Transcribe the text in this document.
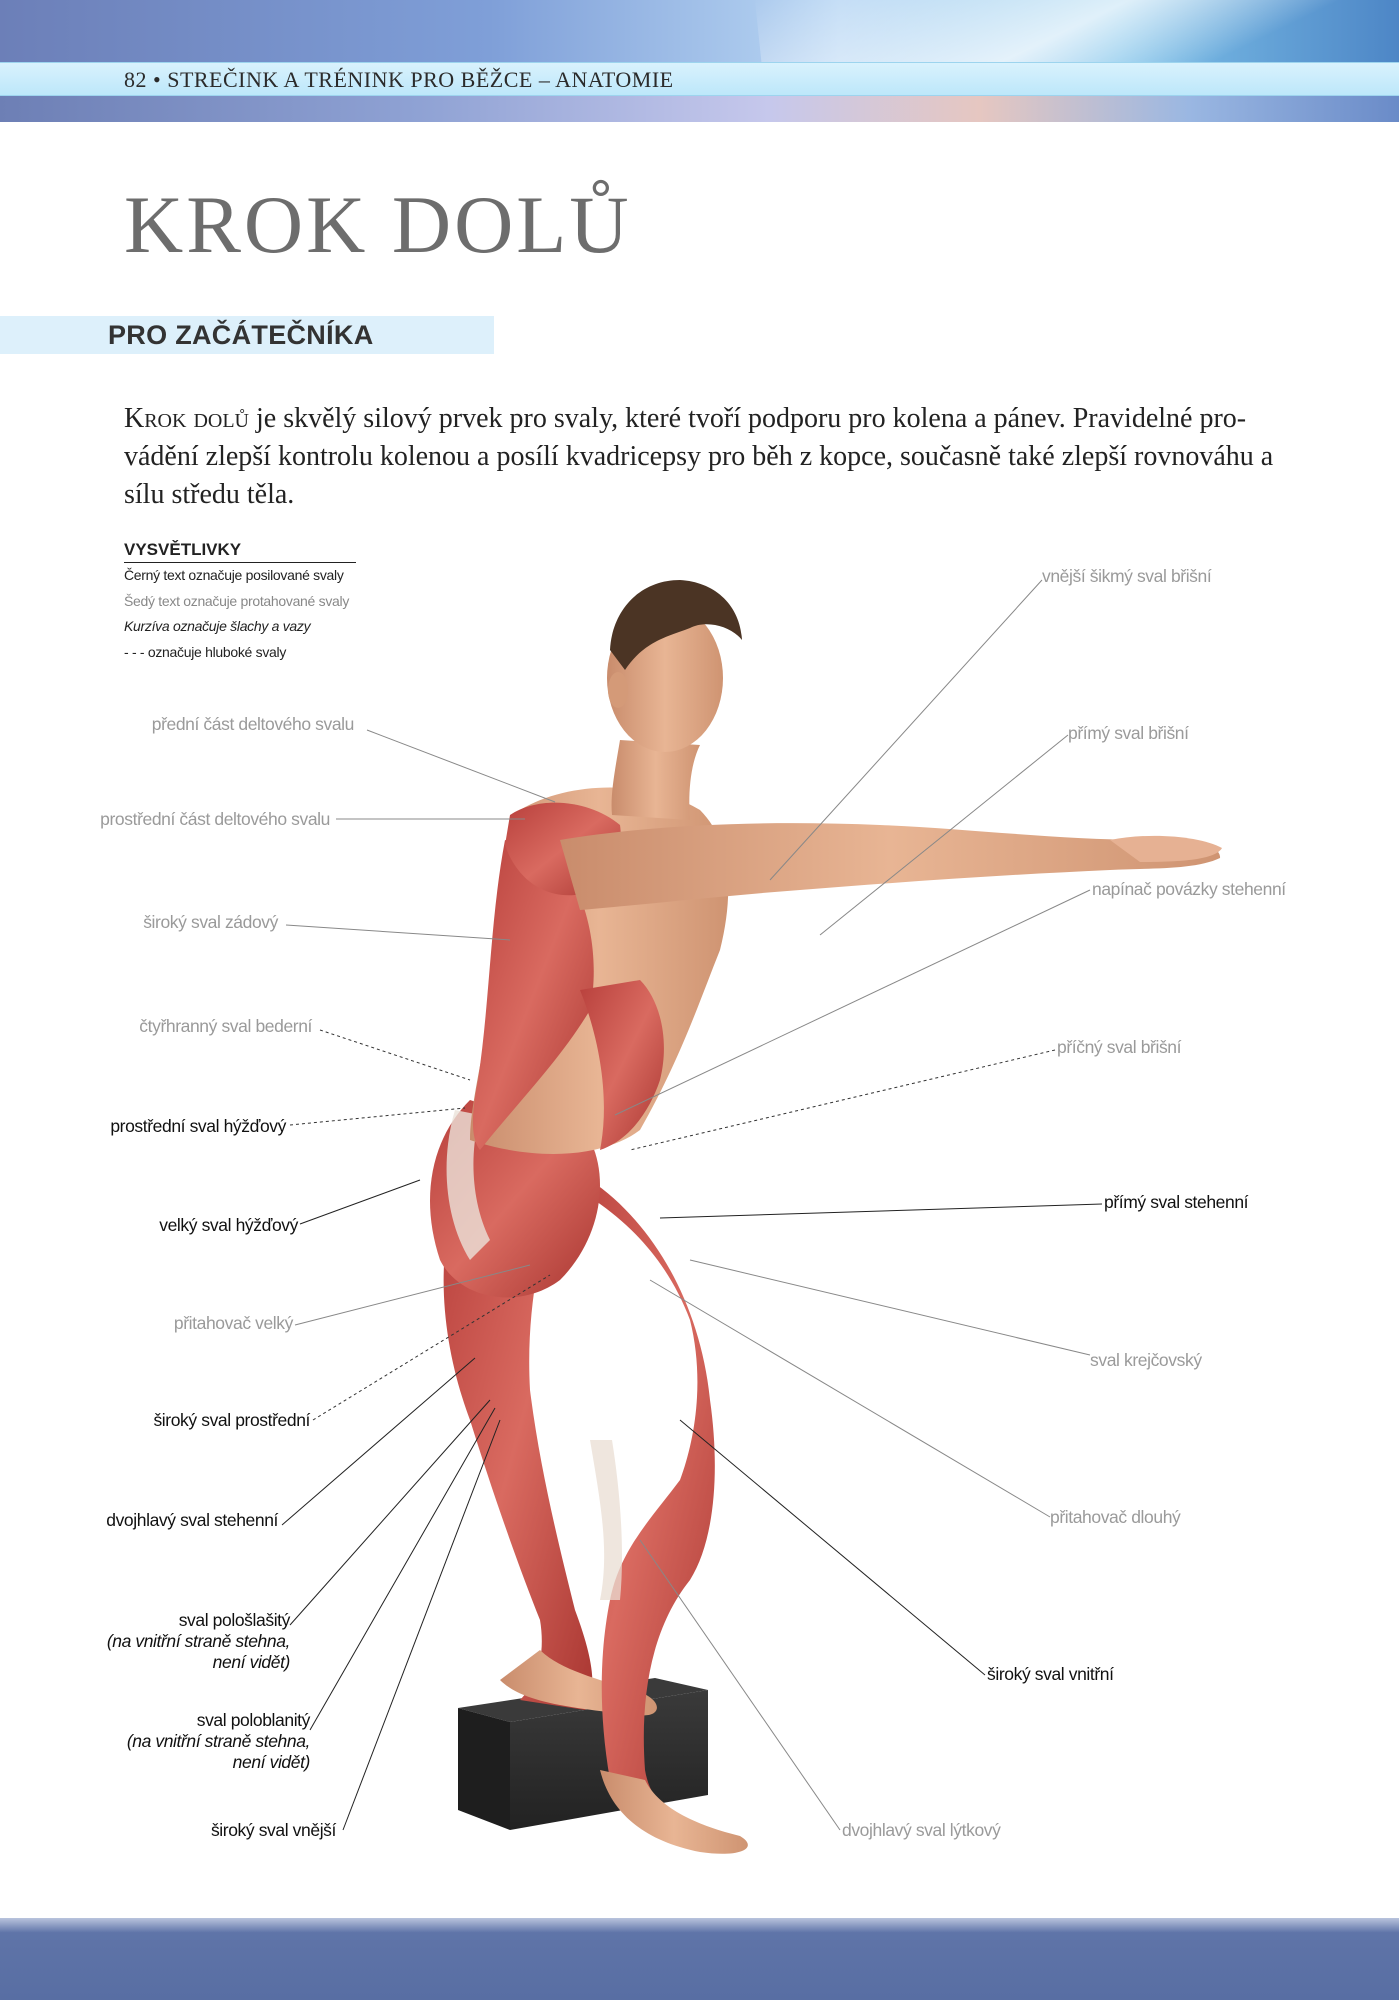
82 • STREČINK A TRÉNINK PRO BĚŽCE – ANATOMIE
KROK DOLŮ
PRO ZAČÁTEČNÍKA

Krok dolů je skvělý silový prvek pro svaly, které tvoří podporu pro kolena a pánev. Pravidelné pro-vádění zlepší kontrolu kolenou a posílí kvadricepsy pro běh z kopce, současně také zlepší rovnováhu a sílu středu těla.

VYSVĚTLIVKY
Černý text označuje posilované svaly
Šedý text označuje protahované svaly
Kurzíva označuje šlachy a vazy
- - - označuje hluboké svaly
přední část deltového svalu
prostřední část deltového svalu
široký sval zádový
čtyřhranný sval bederní
prostřední sval hýžďový
velký sval hýžďový
přitahovač velký
široký sval prostřední
dvojhlavý sval stehenní
sval pološlašitý
(na vnitřní straně stehna,
není vidět)
sval poloblanitý
(na vnitřní straně stehna,
není vidět)
široký sval vnější
vnější šikmý sval břišní
přímý sval břišní
napínač povázky stehenní
příčný sval břišní
přímý sval stehenní
sval krejčovský
přitahovač dlouhý
široký sval vnitřní
dvojhlavý sval lýtkový
